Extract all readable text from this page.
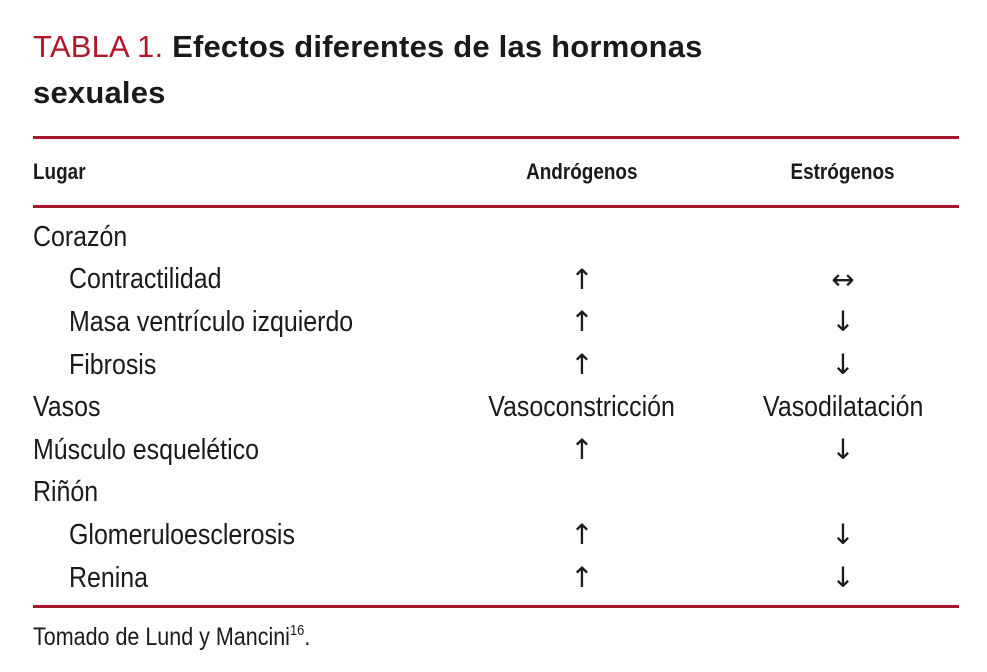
TABLA 1. Efectos diferentes de las hormonas
sexuales
Lugar	Andrógenos	Estrógenos

Corazón		
Contractilidad	↑	↔
Masa ventrículo izquierdo	↑	↓
Fibrosis	↑	↓
Vasos	Vasoconstricción	Vasodilatación
Músculo esquelético	↑	↓
Riñón		
Glomeruloesclerosis	↑	↓
Renina	↑	↓
Tomado de Lund y Mancini$^{16}$.
